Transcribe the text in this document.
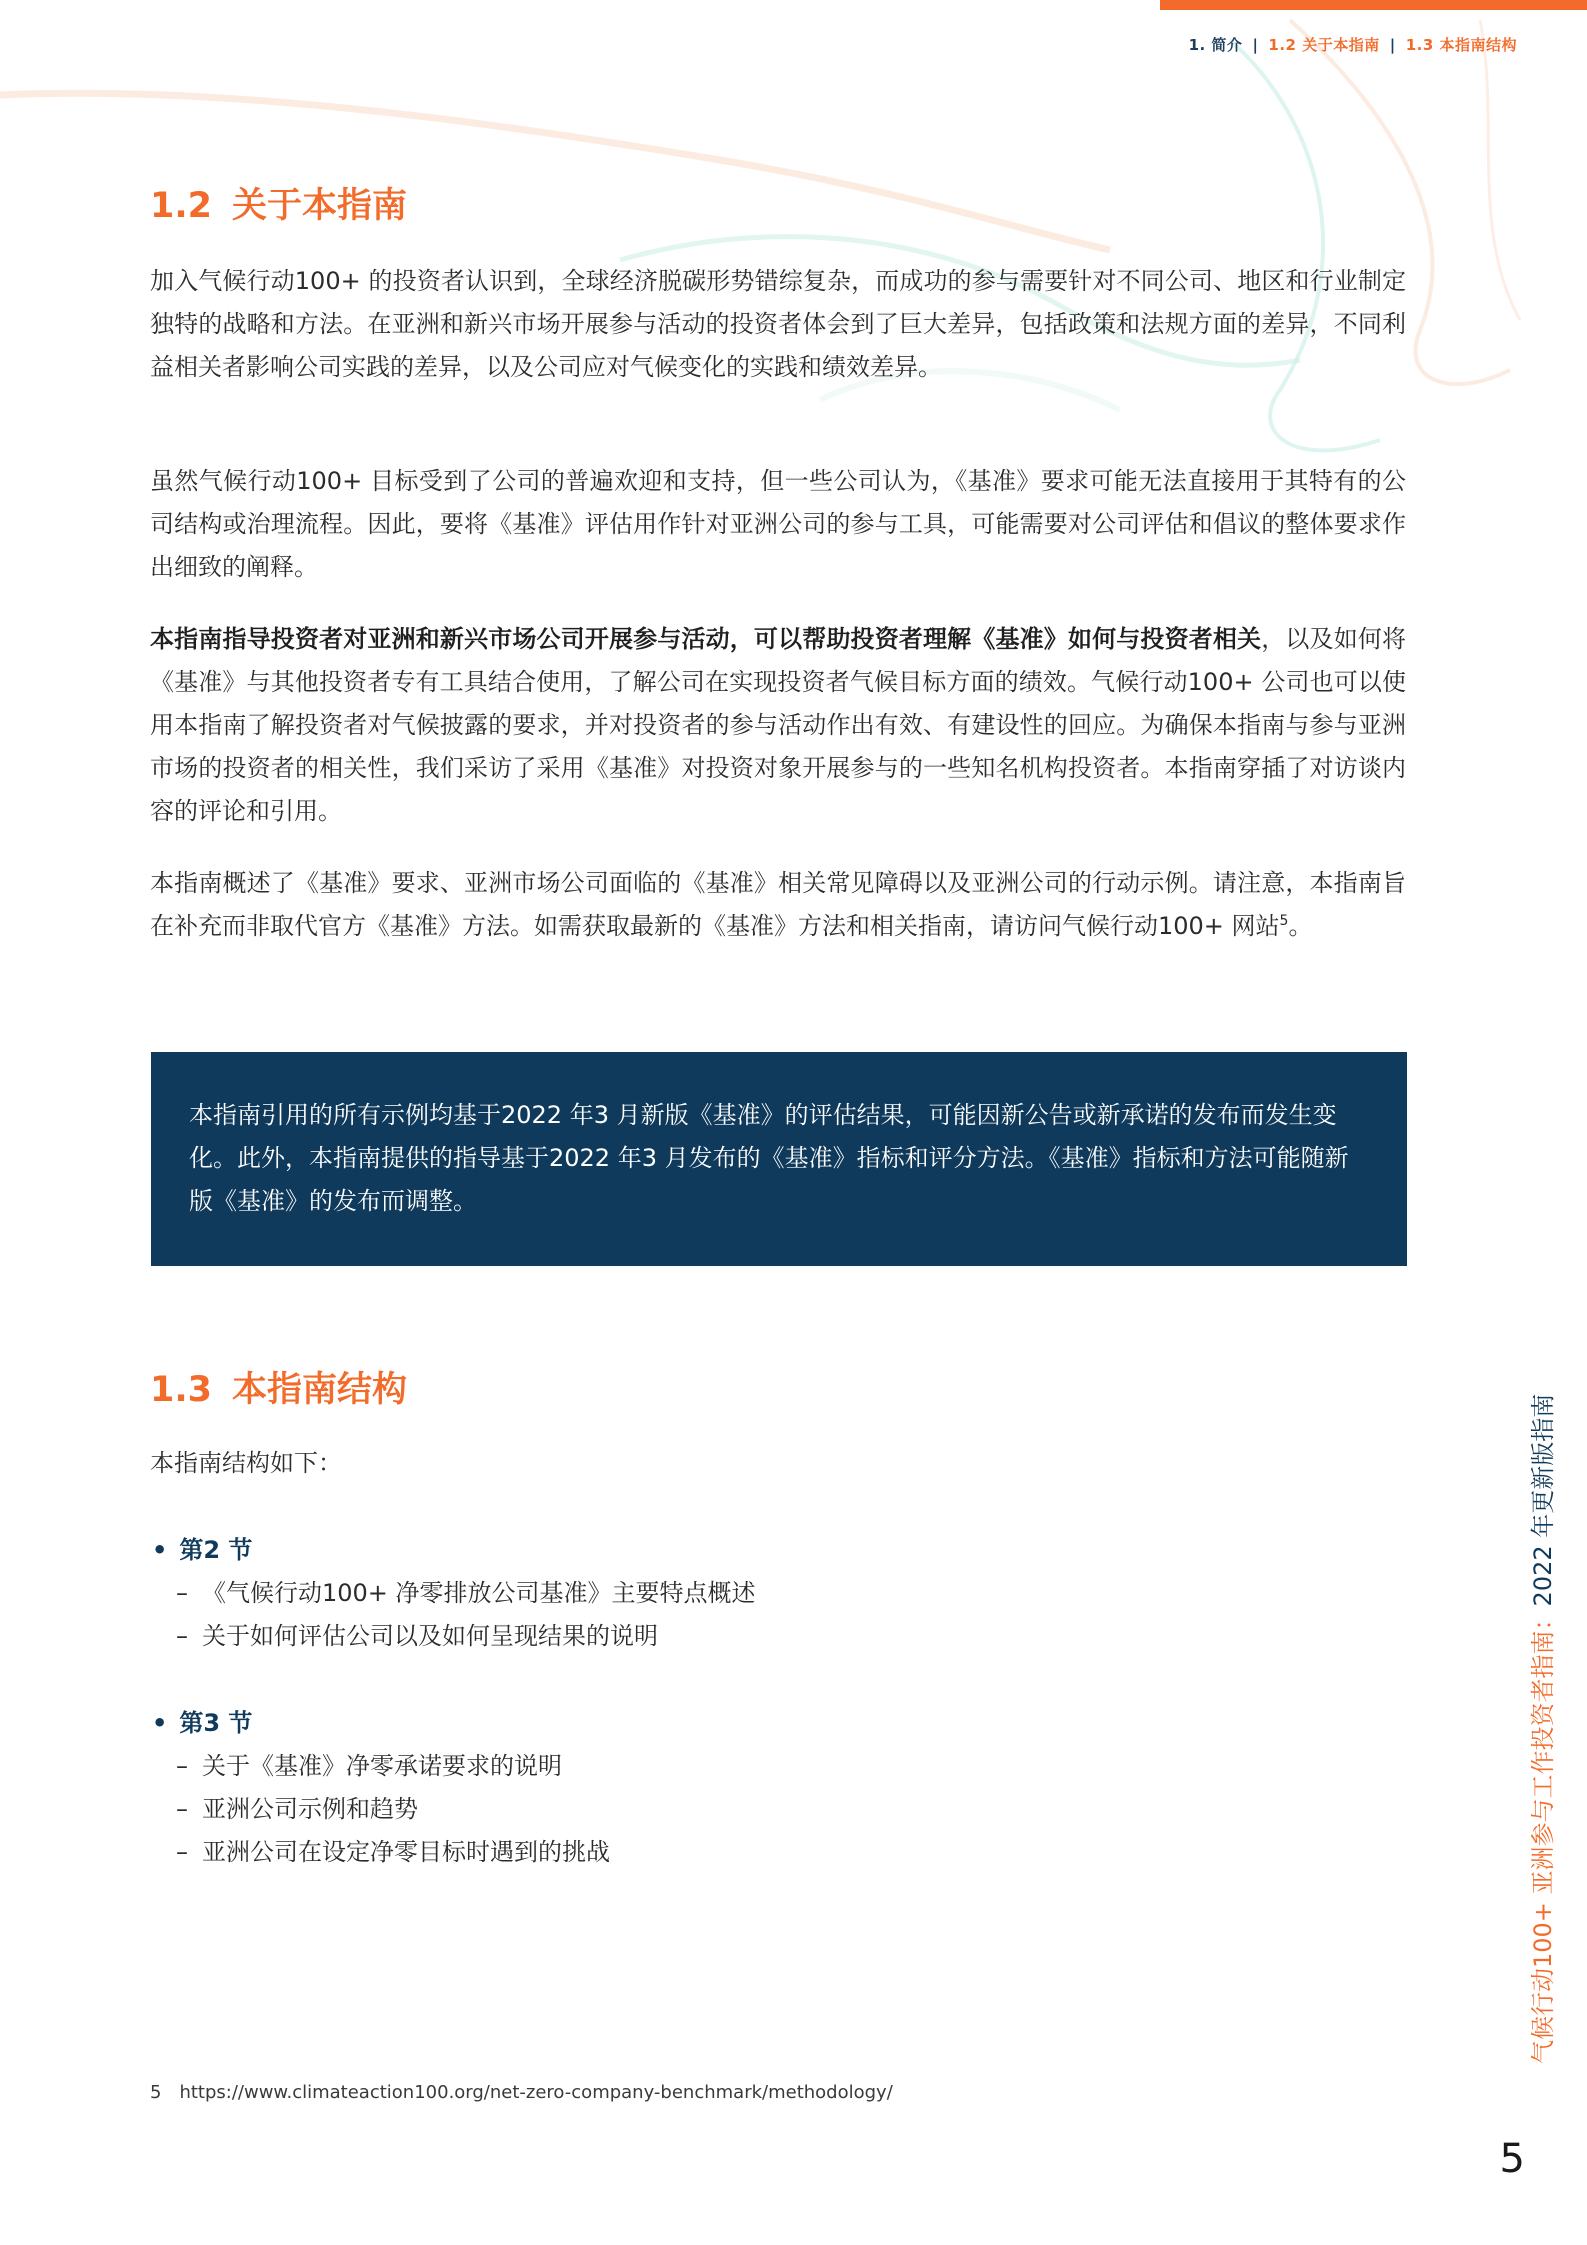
1. 简介 | 1.2 关于本指南 | 1.3 本指南结构
1.2 关于本指南

加入气候行动100+ 的投资者认识到，全球经济脱碳形势错综复杂，而成功的参与需要针对不同公司、地区和行业制定独特的战略和方法。在亚洲和新兴市场开展参与活动的投资者体会到了巨大差异，包括政策和法规方面的差异，不同利益相关者影响公司实践的差异，以及公司应对气候变化的实践和绩效差异。

虽然气候行动100+ 目标受到了公司的普遍欢迎和支持，但一些公司认为，《基准》要求可能无法直接用于其特有的公司结构或治理流程。因此，要将《基准》评估用作针对亚洲公司的参与工具，可能需要对公司评估和倡议的整体要求作出细致的阐释。

本指南指导投资者对亚洲和新兴市场公司开展参与活动，可以帮助投资者理解《基准》如何与投资者相关，以及如何将《基准》与其他投资者专有工具结合使用，了解公司在实现投资者气候目标方面的绩效。气候行动100+ 公司也可以使用本指南了解投资者对气候披露的要求，并对投资者的参与活动作出有效、有建设性的回应。为确保本指南与参与亚洲市场的投资者的相关性，我们采访了采用《基准》对投资对象开展参与的一些知名机构投资者。本指南穿插了对访谈内容的评论和引用。

本指南概述了《基准》要求、亚洲市场公司面临的《基准》相关常见障碍以及亚洲公司的行动示例。请注意，本指南旨在补充而非取代官方《基准》方法。如需获取最新的《基准》方法和相关指南，请访问气候行动100+ 网站$^5$。

本指南引用的所有示例均基于2022 年3 月新版《基准》的评估结果，可能因新公告或新承诺的发布而发生变化。此外，本指南提供的指导基于2022 年3 月发布的《基准》指标和评分方法。《基准》指标和方法可能随新版《基准》的发布而调整。

1.3 本指南结构
本指南结构如下：
• 第2 节
– 《气候行动100+ 净零排放公司基准》主要特点概述
– 关于如何评估公司以及如何呈现结果的说明
• 第3 节
– 关于《基准》净零承诺要求的说明
– 亚洲公司示例和趋势
– 亚洲公司在设定净零目标时遇到的挑战
5 https://www.climateaction100.org/net-zero-company-benchmark/methodology/
气候行动100+ 亚洲参与工作投资者指南：2022 年更新版指南
5
